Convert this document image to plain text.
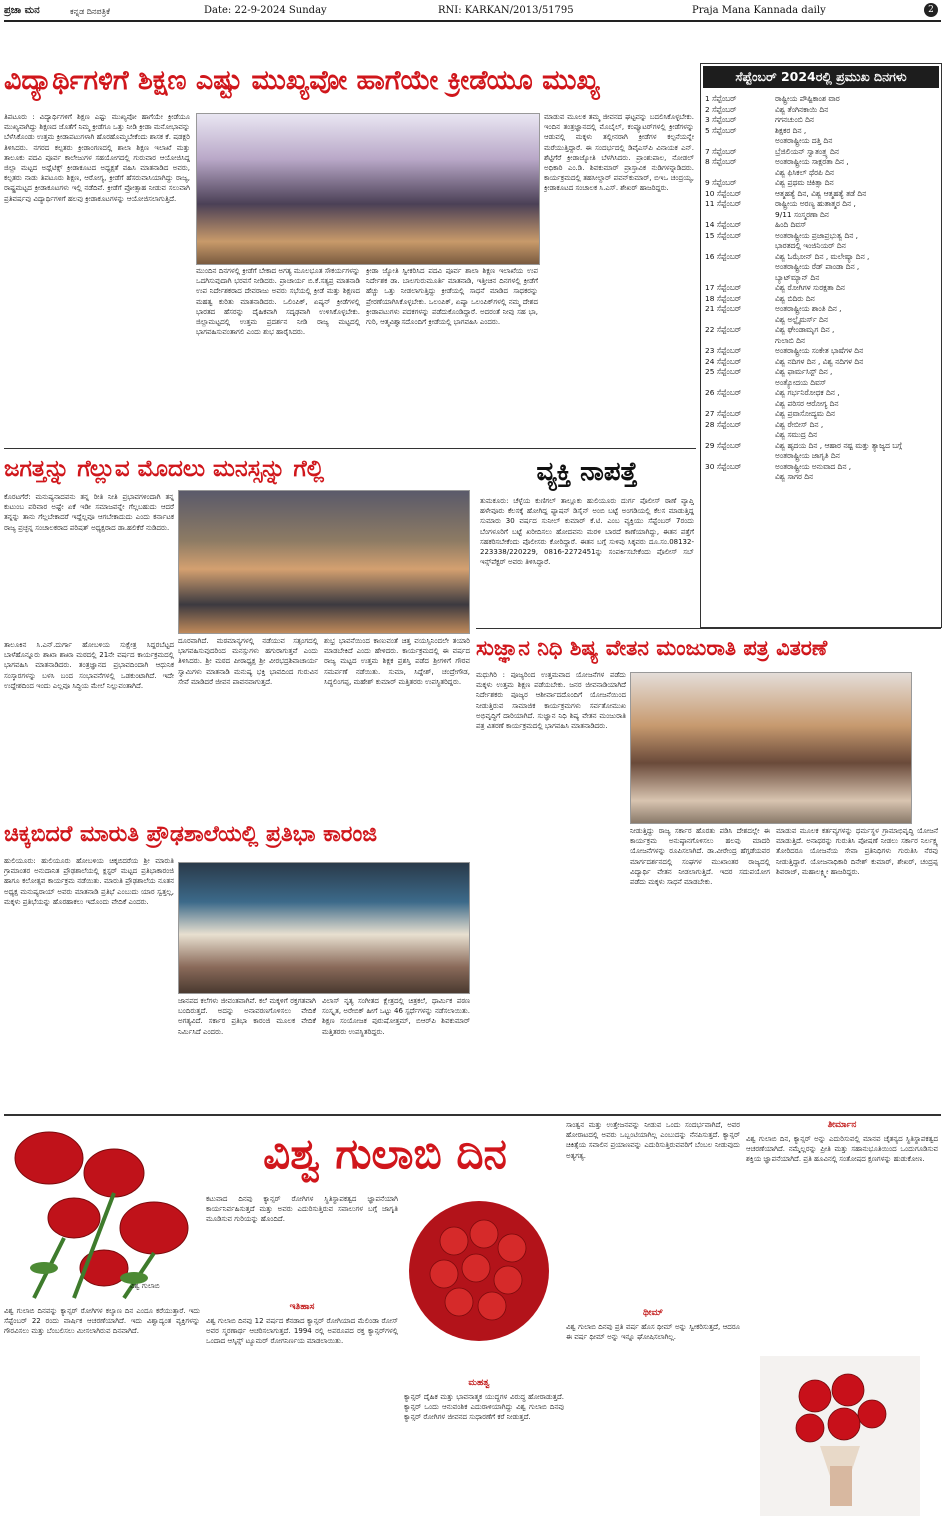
ಪ್ರಜಾ ಮನ	ಕನ್ನಡ ದಿನಪತ್ರಿಕೆ	Date: 22-9-2024 Sunday	RNI: KARKAN/2013/51795	Praja Mana Kannada daily	2
ವಿದ್ಯಾರ್ಥಿಗಳಿಗೆ ಶಿಕ್ಷಣ ಎಷ್ಟು ಮುಖ್ಯವೋ ಹಾಗೆಯೇ ಕ್ರೀಡೆಯೂ ಮುಖ್ಯ
ತಿಪಟೂರು : ವಿದ್ಯಾರ್ಥಿಗಳಿಗೆ ಶಿಕ್ಷಣ ಎಷ್ಟು ಮುಖ್ಯವೋ ಹಾಗೆಯೇ ಕ್ರೀಡೆಯೂ ಮುಖ್ಯವಾಗಿದ್ದು ಶಿಕ್ಷಣದ ಜೊತೆಗೆ ನಿಮ್ಮ ಕ್ರೀಡೆಗೂ ಒತ್ತು ನೀಡಿ ಕ್ರೀಡಾ ಮನೋಭಾವನ್ನು ಬೆಳೆಸಿಕೊಂಡು ಉತ್ತಮ ಕ್ರೀಡಾಪಟುಗಳಾಗಿ ಹೊರಹೊಮ್ಮಬೇಕೆಂದು ಶಾಸಕ ಕೆ. ಷಡಕ್ಷರಿ ತಿಳಿಸಿದರು. ನಗರದ ಕಲ್ಪತರು ಕ್ರೀಡಾಂಗಣದಲ್ಲಿ ಶಾಲಾ ಶಿಕ್ಷಣ ಇಲಾಖೆ ಮತ್ತು ತಾಲೂಕು ಪದವಿ ಪೂರ್ವ ಕಾಲೇಜುಗಳ ಸಹಯೋಗದಲ್ಲಿ ಗುರುವಾರ ಆಯೋಜಿಸಿದ್ದ ಜಿಲ್ಲಾ ಮಟ್ಟದ ಅಥ್ಲೆಟಿಕ್ಸ್ ಕ್ರೀಡಾಕೂಟದ ಅಧ್ಯಕ್ಷತೆ ವಹಿಸಿ ಮಾತನಾಡಿದ ಅವರು, ಕಲ್ಪತರು ನಾಡು ತಿಪಟೂರು ಶಿಕ್ಷಣ, ಆರೋಗ್ಯ, ಕ್ರೀಡೆಗೆ ಹೆಸರುವಾಸಿಯಾಗಿದ್ದು ರಾಜ್ಯ, ರಾಷ್ಟ್ರಮಟ್ಟದ ಕ್ರೀಡಾಕೂಟಗಳು ಇಲ್ಲಿ ನಡೆದಿವೆ. ಕ್ರೀಡೆಗೆ ಪ್ರೋತ್ಸಾಹ ನೀಡುವ ಸಲುವಾಗಿ ಪ್ರತಿವರ್ಷವು ವಿದ್ಯಾರ್ಥಿಗಳಿಗೆ ಹಲವು ಕ್ರೀಡಾಕೂಟಗಳನ್ನು ಆಯೋಜಿಸಲಾಗುತ್ತಿದೆ.
ಮುಂದಿನ ದಿನಗಳಲ್ಲಿ ಕ್ರೀಡೆಗೆ ಬೇಕಾದ ಅಗತ್ಯ ಮೂಲಭೂತ ಸೌಕರ್ಯಗಳನ್ನು ಒದಗಿಸುವುದಾಗಿ ಭರವಸೆ ನೀಡಿದರು. ಪ್ರಾಚಾರ್ಯ ಬಿ.ಕೆ.ಸತ್ಯಪ್ರ ಮಾತನಾಡಿ ಉಪ ನಿರ್ದೇಶಕರಾದ ದೇವರಾಜು ಅವರು ಸಭೆಯಲ್ಲಿ ಕ್ರೀಡೆ ಮತ್ತು ಶಿಕ್ಷಣದ ಮಹತ್ವ ಕುರಿತು ಮಾತನಾಡಿದರು. ಒಲಿಂಪಿಕ್, ಏಷ್ಯನ್ ಕ್ರೀಡೆಗಳಲ್ಲಿ ಭಾರತದ ಹೆಸರನ್ನು ದೈಹಿಕವಾಗಿ ಸದೃಢವಾಗಿ ಉಳಿಸಿಕೊಳ್ಳಬೇಕು. ಜಿಲ್ಲಾಮಟ್ಟದಲ್ಲಿ ಉತ್ತಮ ಪ್ರದರ್ಶನ ನೀಡಿ ರಾಜ್ಯ ಮಟ್ಟದಲ್ಲಿ ಭಾಗವಹಿಸುವಂತಾಗಲಿ ಎಂದು ಶುಭ ಹಾರೈಸಿದರು.
ಕ್ರೀಡಾ ಜ್ಯೋತಿ ಸ್ವೀಕರಿಸಿದ ಪದವಿ ಪೂರ್ವ ಶಾಲಾ ಶಿಕ್ಷಣ ಇಲಾಖೆಯ ಉಪ ನಿರ್ದೇಶಕ ಡಾ. ಬಾಲಗುರುಮೂರ್ತಿ ಮಾತನಾಡಿ, ಇತ್ತೀಚಿನ ದಿನಗಳಲ್ಲಿ ಕ್ರೀಡೆಗೆ ಹೆಚ್ಚು ಒತ್ತು ನೀಡಲಾಗುತ್ತಿದ್ದು ಕ್ರೀಡೆಯಲ್ಲಿ ಸಾಧನೆ ಮಾಡಿದ ಸಾಧಕರನ್ನು ಪ್ರೇರಣೆಯಾಗಿಸಿಕೊಳ್ಳಬೇಕು. ಒಲಂಪಿಕ್, ಏಷ್ಯಾ ಒಲಂಪಿಕ್‌ಗಳಲ್ಲಿ ನಮ್ಮ ದೇಶದ ಕ್ರೀಡಾಪಟುಗಳು ಪದಕಗಳನ್ನು ಪಡೆದುಕೊಂಡಿದ್ದಾರೆ. ಅದರಂತೆ ನೀವು ಸಹ ಭಾ, ಗುರಿ, ಆತ್ಮವಿಶ್ವಾಸದೊಂದಿಗೆ ಕ್ರೀಡೆಯಲ್ಲಿ ಭಾಗವಹಿಸಿ ಎಂದರು.
ಮಾಡುವ ಮೂಲಕ ತಮ್ಮ ಜೀವನದ ಘಟ್ಟವನ್ನು ಬದಲಿಸಿಕೊಳ್ಳಬೇಕು. ಇಂದಿನ ತಂತ್ರಜ್ಞಾನದಲ್ಲಿ ಮೊಬೈಲ್, ಕಂಪ್ಯೂಟರ್‌ಗಳಲ್ಲಿ ಕ್ರೀಡೆಗಳನ್ನು ಆಡುವಲ್ಲಿ ಮಕ್ಕಳು ತಲ್ಲೀನರಾಗಿ ಕ್ರೀಡೆಗಳ ಕಲ್ಪನೆಯನ್ನೇ ಮರೆಯುತ್ತಿದ್ದಾರೆ. ಈ ಸಂದರ್ಭದಲ್ಲಿ ಡಿವೈಎಸ್‌ಪಿ ವಿನಾಯಕ ಎನ್. ಶೆಟ್ಟಿಗೆರೆ ಕ್ರೀಡಾಜ್ಯೋತಿ ಬೆಳಗಿಸಿದರು. ಪ್ರಾಂಶುಪಾಲ, ನೋಡಲ್ ಅಧಿಕಾರಿ ಎಂ.ಡಿ. ಶಿವಕುಮಾರ್ ಪ್ರಾಸ್ತಾವಿಕ ನುಡಿಗಳನ್ನಾಡಿದರು. ಕಾರ್ಯಕ್ರಮದಲ್ಲಿ ತಹಸೀಲ್ದಾರ್ ಪವನ್‌ಕುಮಾರ್, ಬಿಇಒ ಚಂದ್ರಯ್ಯ, ಕ್ರೀಡಾಕೂಟದ ಸಂಚಾಲಕ ಸಿ.ಎಸ್. ಶೇಖರ್ ಹಾಜರಿದ್ದರು.
ಸೆಪ್ಟೆಂಬರ್ 2024ರಲ್ಲಿ ಪ್ರಮುಖ ದಿನಗಳು
1 ಸೆಪ್ಟೆಂಬರ್	ರಾಷ್ಟ್ರೀಯ ಪೌಷ್ಟಿಕಾಂಶ ವಾರ
2 ಸೆಪ್ಟೆಂಬರ್	ವಿಶ್ವ ತೆಂಗಿನಕಾಯಿ ದಿನ
3 ಸೆಪ್ಟೆಂಬರ್	ಗಗನಚುಂಬಿ ದಿನ
5 ಸೆಪ್ಟೆಂಬರ್	ಶಿಕ್ಷಕರ ದಿನ ,
ಅಂತರಾಷ್ಟ್ರೀಯ ದತ್ತಿ ದಿನ
7 ಸೆಪ್ಟೆಂಬರ್	ಬ್ರೆಜಿಲಿಯನ್ ಸ್ವಾತಂತ್ರ್ಯ ದಿನ
8 ಸೆಪ್ಟೆಂಬರ್	ಅಂತರಾಷ್ಟ್ರೀಯ ಸಾಕ್ಷರತಾ ದಿನ ,
ವಿಶ್ವ ಫಿಸಿಕಲ್ ಥೆರಪಿ ದಿನ
9 ಸೆಪ್ಟೆಂಬರ್	ವಿಶ್ವ ಪ್ರಥಮ ಚಿಕಿತ್ಸಾ ದಿನ
10 ಸೆಪ್ಟೆಂಬರ್	ಆತ್ಮಹತ್ಯೆ ದಿನ, ವಿಶ್ವ ಆತ್ಮಹತ್ಯೆ ತಡೆ ದಿನ
11 ಸೆಪ್ಟೆಂಬರ್	ರಾಷ್ಟ್ರೀಯ ಅರಣ್ಯ ಹುತಾತ್ಮರ ದಿನ ,
9/11 ಸಂಸ್ಮರಣಾ ದಿನ
14 ಸೆಪ್ಟೆಂಬರ್	ಹಿಂದಿ ದಿವಸ್
15 ಸೆಪ್ಟೆಂಬರ್	ಅಂತರಾಷ್ಟ್ರೀಯ ಪ್ರಜಾಪ್ರಭುತ್ವ ದಿನ ,
ಭಾರತದಲ್ಲಿ ಇಂಜಿನಿಯರ್ ದಿನ
16 ಸೆಪ್ಟೆಂಬರ್	ವಿಶ್ವ ಓಝೋನ್ ದಿನ , ಮಲೇಷ್ಯಾ ದಿನ ,
ಅಂತರಾಷ್ಟ್ರೀಯ ರೆಡ್ ಪಾಂಡಾ ದಿನ ,
ಬ್ಯಾಟ್‌ಮ್ಯಾನ್ ದಿನ
17 ಸೆಪ್ಟೆಂಬರ್	ವಿಶ್ವ ರೋಗಿಗಳ ಸುರಕ್ಷತಾ ದಿನ
18 ಸೆಪ್ಟೆಂಬರ್	ವಿಶ್ವ ಬಿದಿರು ದಿನ
21 ಸೆಪ್ಟೆಂಬರ್	ಅಂತರಾಷ್ಟ್ರೀಯ ಶಾಂತಿ ದಿನ ,
ವಿಶ್ವ ಅಲ್ಝೈಮರ್ಸ್ ದಿನ
22 ಸೆಪ್ಟೆಂಬರ್	ವಿಶ್ವ ಘೇಂಡಾಮೃಗ ದಿನ ,
ಗುಲಾಬಿ ದಿನ
23 ಸೆಪ್ಟೆಂಬರ್	ಅಂತರಾಷ್ಟ್ರೀಯ ಸಂಕೇತ ಭಾಷೆಗಳ ದಿನ
24 ಸೆಪ್ಟೆಂಬರ್	ವಿಶ್ವ ನದಿಗಳ ದಿನ , ವಿಶ್ವ ನದಿಗಳ ದಿನ
25 ಸೆಪ್ಟೆಂಬರ್	ವಿಶ್ವ ಫಾರ್ಮಸಿಸ್ಟ್ ದಿನ ,
ಅಂತ್ಯೋದಯ ದಿವಸ್
26 ಸೆಪ್ಟೆಂಬರ್	ವಿಶ್ವ ಗರ್ಭನಿರೋಧಕ ದಿನ ,
ವಿಶ್ವ ಪರಿಸರ ಆರೋಗ್ಯ ದಿನ
27 ಸೆಪ್ಟೆಂಬರ್	ವಿಶ್ವ ಪ್ರವಾಸೋದ್ಯಮ ದಿನ
28 ಸೆಪ್ಟೆಂಬರ್	ವಿಶ್ವ ರೇಬೀಸ್ ದಿನ ,
ವಿಶ್ವ ಸಮುದ್ರ ದಿನ
29 ಸೆಪ್ಟೆಂಬರ್	ವಿಶ್ವ ಹೃದಯ ದಿನ , ಆಹಾರ ನಷ್ಟ ಮತ್ತು ತ್ಯಾಜ್ಯದ ಬಗ್ಗೆ ಅಂತರಾಷ್ಟ್ರೀಯ ಜಾಗೃತಿ ದಿನ
30 ಸೆಪ್ಟೆಂಬರ್	ಅಂತರಾಷ್ಟ್ರೀಯ ಅನುವಾದ ದಿನ ,
ವಿಶ್ವ ಸಾಗರ ದಿನ
ಜಗತ್ತನ್ನು ಗೆಲ್ಲುವ ಮೊದಲು ಮನಸ್ಸನ್ನು ಗೆಲ್ಲಿ
ಕೊರಟಗೆರೆ: ಮನುಷ್ಯನಾದವನು ತನ್ನ ರೀತಿ ನೀತಿ ಪ್ರಭಾವಗಳಿಂದಾಗಿ ತನ್ನ ಕುಟುಂಬ ಪರಿವಾರ ಅಷ್ಟೇ ಏಕೆ ಇಡೀ ಸಮಾಜವನ್ನೇ ಗೆಲ್ಲಬಹುದು ಆದರೆ ತನ್ನನ್ನು ತಾನು ಗೆಲ್ಲಬೇಕಾದರೆ ಇದ್ದೆಲ್ಲವೂ ಆಗಬೇಕಾದುದು ಎಂದು ಕರ್ನಾಟಕ ರಾಜ್ಯ ಪ್ರಚ್ಛನ್ನ ಸಂಚಾಲಕರಾದ ಪರಿಷತ್ ಅಧ್ಯಕ್ಷರಾದ ಡಾ.ಹಲಿಕೆರೆ ನುಡಿದರು.
ತಾಲೂಕಿನ ಸಿ.ಎನ್.ದುರ್ಗಾ ಹೋಬಳಿಯ ಸುಕ್ಷೇತ್ರ ಸಿದ್ದರಬೆಟ್ಟದ ಬಾಳೆಹೊನ್ನೂರು ಶಾಖಾ ಶಾಖಾ ಮಠದಲ್ಲಿ 21ನೇ ವರ್ಷದ ಕಾರ್ಯಕ್ರಮದಲ್ಲಿ ಭಾಗವಹಿಸಿ ಮಾತನಾಡಿದರು. ತಂತ್ರಜ್ಞಾನದ ಪ್ರಭಾವದಿಂದಾಗಿ ಆಧುನಿಕ ಸಂಸ್ಕಾರಗಳನ್ನು ಬಳಸಿ ಬಂದ ಸಂಭಾವನೆಗಳಲ್ಲಿ ಒಡಕುಂಟಾಗಿದೆ. ಇದೇ ಉದ್ದೇಶದಿಂದ ಇಂದು ಎಲ್ಲವೂ ಸಿದ್ಧಿಯ ಮೇಲೆ ನಿಲ್ಲುವಂತಾಗಿದೆ.
ದೂರವಾಗಿದೆ. ಮಠಮಾನ್ಯಗಳಲ್ಲಿ ನಡೆಯುವ ಸತ್ಸಂಗದಲ್ಲಿ ಭಾಗವಹಿಸುವುದರಿಂದ ಮನಸ್ಸುಗಳು ಹಗುರಾಗುತ್ತವೆ ಎಂದು ತಿಳಿಸಿದರು. ಶ್ರೀ ಮಠದ ಪೀಠಾಧ್ಯಕ್ಷ ಶ್ರೀ ವೀರಭದ್ರಶಿವಾಚಾರ್ಯ ಸ್ವಾಮಿಗಳು ಮಾತನಾಡಿ ಮನುಷ್ಯ ಭಕ್ತಿ ಭಾವದಿಂದ ಗುರುವಿನ ಸೇವೆ ಮಾಡಿದರೆ ಜೀವನ ಪಾವನವಾಗುತ್ತದೆ.
ಶುಭ್ರ ಭಾವನೆಯಿಂದ ಕಾಣುವಂತೆ ಚಿತ್ತ ವಯಸ್ಸಿನಿಂದಲೇ ತಯಾರಿ ಮಾಡಬೇಕಿದೆ ಎಂದು ಹೇಳಿದರು. ಕಾರ್ಯಕ್ರಮದಲ್ಲಿ ಈ ವರ್ಷದ ರಾಜ್ಯ ಮಟ್ಟದ ಉತ್ತಮ ಶಿಕ್ಷಕ ಪ್ರಶಸ್ತಿ ಪಡೆದ ಶ್ರೀಗಳಿಗೆ ಗೌರವ ಸಮರ್ಪಣೆ ನಡೆಯಿತು. ಸುಮಾ, ಸಿದ್ದೇಶ್, ಚಂದ್ರೇಗೌಡ, ಸಿದ್ಧಲಿಂಗಪ್ಪ, ಮಹೇಶ್ ಕುಮಾರ್ ಮತ್ತಿತರರು ಉಪಸ್ಥಿತರಿದ್ದರು.
ವ್ಯಕ್ತಿ ನಾಪತ್ತೆ
ತುಮಕೂರು: ಚೆಳ್ಳೆಯ ಕುಣಿಗಲ್ ತಾಲ್ಲೂಕು ಹುಲಿಯೂರು ದುರ್ಗ ಪೊಲೀಸ್ ಠಾಣೆ ವ್ಯಾಪ್ತಿ ಹಳೇವೂರು ಕೆಲಸಕ್ಕೆ ಹೋಗಿದ್ದ ಫ್ಯಾಷನ್ ಡಿಸೈನ್ ಅಂಬಿ ಬಟ್ಟೆ ಅಂಗಡಿಯಲ್ಲಿ ಕೆಲಸ ಮಾಡುತ್ತಿದ್ದ ಸುಮಾರು 30 ವರ್ಷದ ಸುನೀಲ್ ಕುಮಾರ್ ಕೆ.ಟಿ. ಎಂಬ ವ್ಯಕ್ತಿಯು ಸೆಪ್ಟೆಂಬರ್ 7ರಂದು ಬೆಂಗಳೂರಿಗೆ ಬಟ್ಟೆ ಖರೀದಿಸಲು ಹೋದವನು ಮರಳಿ ಬಾರದೆ ಕಾಣೆಯಾಗಿದ್ದು, ಈತನ ಪತ್ತೆಗೆ ಸಹಕರಿಸಬೇಕೆಂದು ಪೊಲೀಸರು ಕೋರಿದ್ದಾರೆ. ಈತನ ಬಗ್ಗೆ ಸುಳಿವು ಸಿಕ್ಕವರು ದೂ.ಸಂ.08132-223338/220229, 0816-2272451ನ್ನು ಸಂಪರ್ಕಿಸಬೇಕೆಂದು ಪೊಲೀಸ್ ಸಬ್ ಇನ್ಸ್‌ಪೆಕ್ಟರ್ ಅವರು ತಿಳಿಸಿದ್ದಾರೆ.
ಸುಜ್ಞಾನ ನಿಧಿ ಶಿಷ್ಯ ವೇತನ ಮಂಜುರಾತಿ ಪತ್ರ ವಿತರಣೆ
ಮಧುಗಿರಿ : ಪೂಜ್ಯರಿಂದ ಉತ್ತಮವಾದ ಯೋಜನೆಗಳ ಪಡೆದು ಮಕ್ಕಳು ಉತ್ತಮ ಶಿಕ್ಷಣ ಪಡೆಯಬೇಕು. ಜನರ ಜೀವನಾಡಿಯಾಗಿದೆ ನಿರ್ದೇಶಕರು ಪೂಜ್ಯರ ಆಶೀರ್ವಾದದೊಂದಿಗೆ ಯೋಜನೆಯಿಂದ ನೀಡುತ್ತಿರುವ ಸಾಮಾಜಿಕ ಕಾರ್ಯಕ್ರಮಗಳು ಸರ್ವತೋಮುಖ ಅಭಿವೃದ್ಧಿಗೆ ದಾರಿಯಾಗಿದೆ. ಸುಜ್ಞಾನ ನಿಧಿ ಶಿಷ್ಯ ವೇತನ ಮಂಜುರಾತಿ ಪತ್ರ ವಿತರಣೆ ಕಾರ್ಯಕ್ರಮದಲ್ಲಿ ಭಾಗವಹಿಸಿ ಮಾತನಾಡಿದರು.
ನೀಡುತ್ತಿದ್ದು ರಾಜ್ಯ ಸರ್ಕಾರ ಹೊರತು ಪಡಿಸಿ ದೇಶದಲ್ಲೇ ಈ ಕಾರ್ಯಕ್ರಮ ಅನುಷ್ಠಾನಗೊಳಿಸಲು ಹಲವು ಮಾದರಿ ಯೋಜನೆಗಳನ್ನು ರೂಪಿಸಲಾಗಿದೆ. ಡಾ.ವೀರೇಂದ್ರ ಹೆಗ್ಗಡೆಯವರ ಮಾರ್ಗದರ್ಶನದಲ್ಲಿ ಸಂಘಗಳ ಮುಖಾಂತರ ರಾಜ್ಯದಲ್ಲಿ ವಿದ್ಯಾರ್ಥಿ ವೇತನ ನೀಡಲಾಗುತ್ತಿದೆ. ಇದರ ಸದುಪಯೋಗ ಪಡೆದು ಮಕ್ಕಳು ಸಾಧನೆ ಮಾಡಬೇಕು.
ಮಾಡುವ ಮೂಲಕ ಕರ್ತವ್ಯಗಳನ್ನು ಧರ್ಮಸ್ಥಳ ಗ್ರಾಮಾಭಿವೃದ್ಧಿ ಯೋಜನೆ ಮಾಡುತ್ತಿದೆ. ಅನಾಥರನ್ನು ಗುರುತಿಸಿ ಪೋಷಣೆ ನೀಡಲು ಸರ್ಕಾರ ನಿರ್ಲಕ್ಷ್ಯ ತೋರಿದರೂ ಯೋಜನೆಯ ಸೇವಾ ಪ್ರತಿನಿಧಿಗಳು ಗುರುತಿಸಿ ನೆರವು ನೀಡುತ್ತಿದ್ದಾರೆ. ಯೋಜನಾಧಿಕಾರಿ ದಿನೇಶ್ ಕುಮಾರ್, ಶೇಖರ್, ಚಂದ್ರಪ್ಪ ಶಿವರಾಜ್, ಮಹಾಲಕ್ಷ್ಮೀ ಹಾಜರಿದ್ದರು.
ಚಿಕ್ಕಬಿದರೆ ಮಾರುತಿ ಪ್ರೌಢಶಾಲೆಯಲ್ಲಿ ಪ್ರತಿಭಾ ಕಾರಂಜಿ
ಹುಲಿಯೂರು: ಹುಲಿಯೂರು ಹೋಬಳಿಯ ಚಿಕ್ಕಬಿದರೆಯ ಶ್ರೀ ಮಾರುತಿ ಗ್ರಾಮಾಂತರ ಅನುದಾನಿತ ಪ್ರೌಢಶಾಲೆಯಲ್ಲಿ ಕ್ಲಸ್ಟರ್ ಮಟ್ಟದ ಪ್ರತಿಭಾಕಾರಂಜಿ ಹಾಗೂ ಕಲೋತ್ಸವ ಕಾರ್ಯಕ್ರಮ ನಡೆಯಿತು. ಮಾರುತಿ ಪ್ರೌಢಶಾಲೆಯ ನೂತನ ಅಧ್ಯಕ್ಷ ಮನುಷ್ಯರಾಯ್ ಅವರು ಮಾತನಾಡಿ ಪ್ರತಿಭೆ ಎಂಬುದು ಯಾರ ಸ್ವತ್ತಲ್ಲ, ಮಕ್ಕಳು ಪ್ರತಿಭೆಯನ್ನು ಹೊರಹಾಕಲು ಇದೊಂದು ವೇದಿಕೆ ಎಂದರು.
ಜಾನಪದ ಕಲೆಗಳು ಜೀವಂತವಾಗಿವೆ. ಕಲೆ ಮಕ್ಕಳಿಗೆ ರಕ್ತಗತವಾಗಿ ಬಂದಿರುತ್ತದೆ. ಅದನ್ನು ಅನಾವರಣಗೊಳಿಸಲು ವೇದಿಕೆ ಅಗತ್ಯವಿದೆ. ಸರ್ಕಾರ ಪ್ರತಿಭಾ ಕಾರಂಜಿ ಮೂಲಕ ವೇದಿಕೆ ನಿರ್ಮಿಸಿದೆ ಎಂದರು.
ವಿಲಾಸ್ ನೃತ್ಯ ಸಂಗೀತದ ಕ್ಷೇತ್ರದಲ್ಲಿ ಚಿತ್ರಕಲೆ, ಧಾರ್ಮಿಕ ಪಠಣ ಸಂಸ್ಕೃತ, ಅರೇಬಿಕ್ ಹೀಗೆ ಒಟ್ಟು 46 ಸ್ಪರ್ಧೆಗಳನ್ನು ನಡೆಸಲಾಯಿತು. ಶಿಕ್ಷಣ ಸಂಯೋಜಕ ಪುರುಷೋತ್ತಮ್, ಬಿಆರ್‌ಪಿ ಶಿವಕುಮಾರ್ ಮತ್ತಿತರರು ಉಪಸ್ಥಿತರಿದ್ದರು.
ವಿಶ್ವ ಗುಲಾಬಿ
ವಿಶ್ವ ಗುಲಾಬಿ ದಿನ
ವಿಶ್ವ ಗುಲಾಬಿ ದಿನವನ್ನು ಕ್ಯಾನ್ಸರ್ ರೋಗಿಗಳ ಕಲ್ಯಾಣ ದಿನ ಎಂದೂ ಕರೆಯುತ್ತಾರೆ. ಇದು ಸೆಪ್ಟೆಂಬರ್ 22 ರಂದು ವಾರ್ಷಿಕ ಆಚರಣೆಯಾಗಿದೆ. ಇದು ವಿಶ್ವಾದ್ಯಂತ ವ್ಯಕ್ತಿಗಳನ್ನು ಗೌರವಿಸಲು ಮತ್ತು ಬೆಂಬಲಿಸಲು ಮೀಸಲಾಗಿರುವ ದಿನವಾಗಿದೆ.
ಕಟುವಾದ ದಿನವು ಕ್ಯಾನ್ಸರ್ ರೋಗಿಗಳ ಸ್ಥಿತಿಸ್ಥಾಪಕತ್ವದ ಜ್ಞಾಪನೆಯಾಗಿ ಕಾರ್ಯನಿರ್ವಹಿಸುತ್ತದೆ ಮತ್ತು ಅವರು ಎದುರಿಸುತ್ತಿರುವ ಸವಾಲುಗಳ ಬಗ್ಗೆ ಜಾಗೃತಿ ಮೂಡಿಸುವ ಗುರಿಯನ್ನು ಹೊಂದಿದೆ.
ಇತಿಹಾಸ
ವಿಶ್ವ ಗುಲಾಬಿ ದಿನವು 12 ವರ್ಷದ ಕೆನಡಾದ ಕ್ಯಾನ್ಸರ್ ರೋಗಿಯಾದ ಮೆಲಿಂಡಾ ರೋಸ್ ಅವರ ಸ್ಮರಣಾರ್ಥ ಆಚರಿಸಲಾಗುತ್ತದೆ. 1994 ರಲ್ಲಿ ಅಪರೂಪದ ರಕ್ತ ಕ್ಯಾನ್ಸರ್‌ಗಳಲ್ಲಿ ಒಂದಾದ ಆಸ್ಕಿನ್ಸ್ ಟ್ಯೂಮರ್ ರೋಗನಿರ್ಣಯ ಮಾಡಲಾಯಿತು.
ಮಹತ್ವ
ಕ್ಯಾನ್ಸರ್ ದೈಹಿಕ ಮತ್ತು ಭಾವನಾತ್ಮಕ ಯುದ್ಧಗಳ ವಿರುದ್ಧ ಹೋರಾಡುತ್ತದೆ. ಕ್ಯಾನ್ಸರ್ ಒಂದು ಆನುವಂಶಿಕ ಎದುರಾಳಿಯಾಗಿದ್ದು ವಿಶ್ವ ಗುಲಾಬಿ ದಿನವು ಕ್ಯಾನ್ಸರ್ ರೋಗಿಗಳ ಜೀವನದ ಸುಧಾರಣೆಗೆ ಕರೆ ನೀಡುತ್ತದೆ.
ಸಾಂತ್ವನ ಮತ್ತು ಉತ್ತೇಜನವನ್ನು ನೀಡುವ ಒಂದು ಸಂದರ್ಭವಾಗಿದೆ, ಅವರ ಹೋರಾಟದಲ್ಲಿ ಅವರು ಒಬ್ಬಂಟಿಯಾಗಿಲ್ಲ ಎಂಬುದನ್ನು ನೆನಪಿಸುತ್ತದೆ. ಕ್ಯಾನ್ಸರ್ ಚಿಕಿತ್ಸೆಯ ಸವಾಲಿನ ಪ್ರಯಾಣವನ್ನು ಎದುರಿಸುತ್ತಿರುವವರಿಗೆ ಬೆಂಬಲ ನೀಡುವುದು ಅತ್ಯಗತ್ಯ.
ಥೀಮ್
ವಿಶ್ವ ಗುಲಾಬಿ ದಿನವು ಪ್ರತಿ ವರ್ಷ ಹೊಸ ಥೀಮ್ ಅನ್ನು ಸ್ವೀಕರಿಸುತ್ತದೆ, ಆದರೂ ಈ ವರ್ಷ ಥೀಮ್ ಅನ್ನು ಇನ್ನೂ ಘೋಷಿಸಲಾಗಿಲ್ಲ.
ತೀರ್ಮಾನ
ವಿಶ್ವ ಗುಲಾಬಿ ದಿನ, ಕ್ಯಾನ್ಸರ್ ಅನ್ನು ಎದುರಿಸುವಲ್ಲಿ ಮಾನವ ಚೈತನ್ಯದ ಸ್ಥಿತಿಸ್ಥಾಪಕತ್ವದ ಆಚರಣೆಯಾಗಿದೆ. ನಮ್ಮೆಲ್ಲರನ್ನು ಪ್ರೀತಿ ಮತ್ತು ಸಹಾನುಭೂತಿಯಿಂದ ಒಂದುಗೂಡಿಸುವ ಶಕ್ತಿಯ ಜ್ಞಾಪನೆಯಾಗಿದೆ. ಪ್ರತಿ ಹೂವಿನಲ್ಲಿ ಸಂತೋಷದ ಕ್ಷಣಗಳನ್ನು ಹುಡುಕೋಣ.
